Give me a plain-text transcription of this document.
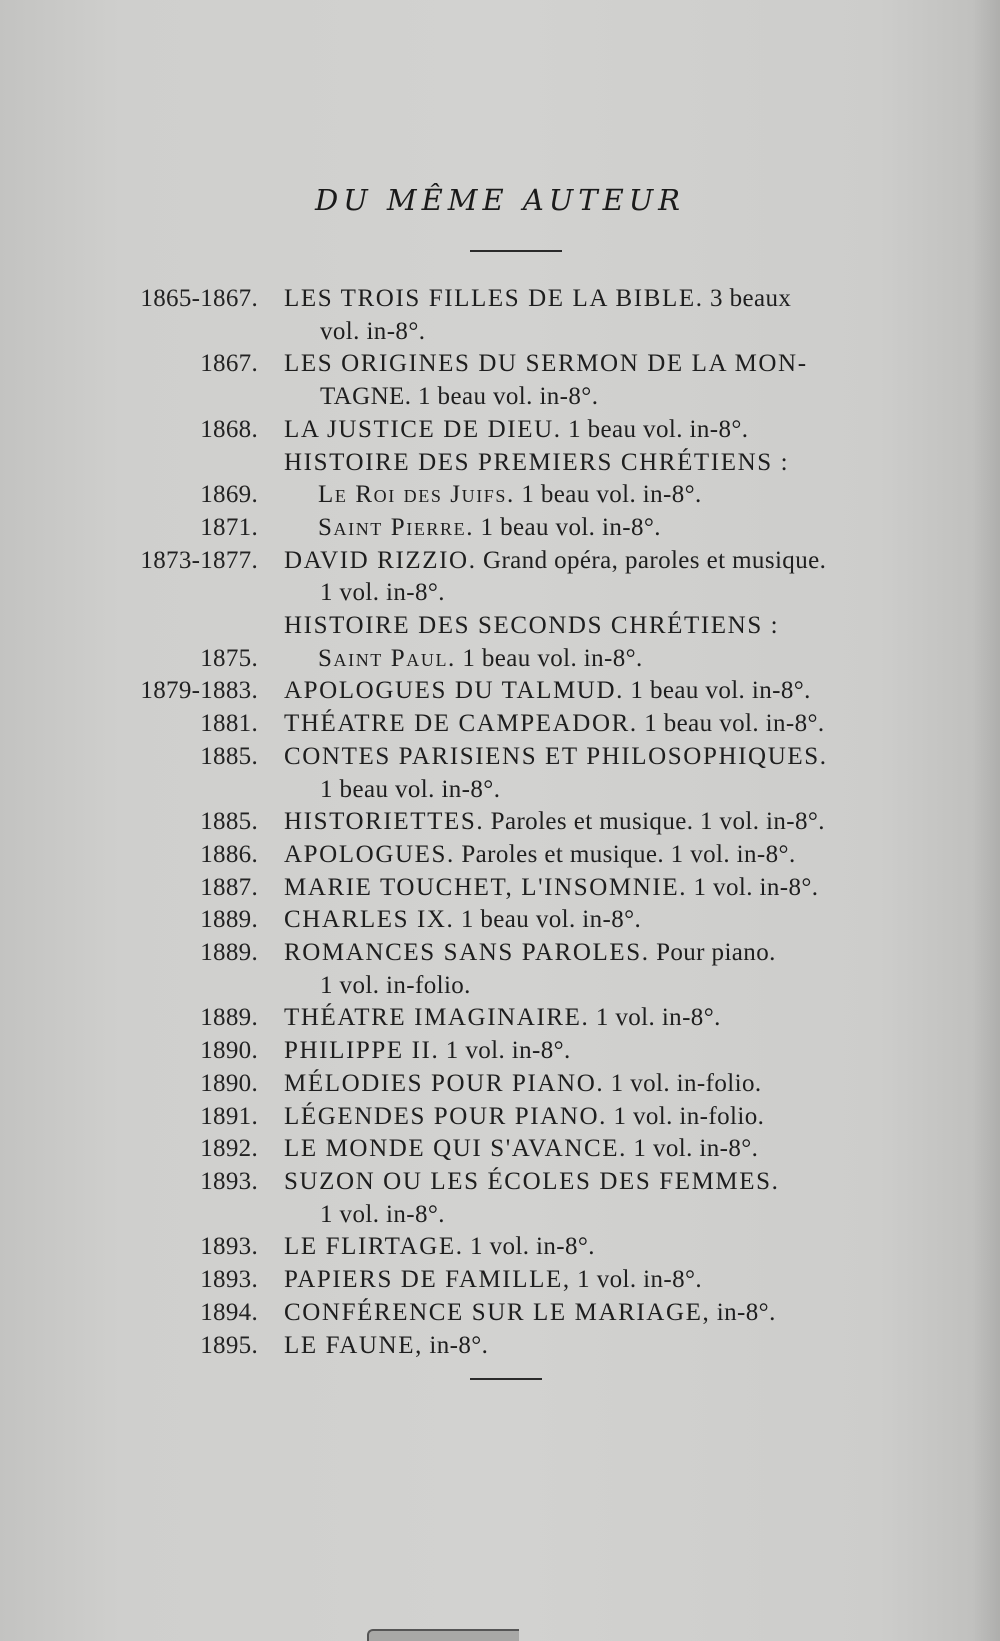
DU MÊME AUTEUR
1865-1867.	LES TROIS FILLES DE LA BIBLE. 3 beaux
vol. in-8°.
1867.	LES ORIGINES DU SERMON DE LA MON-
TAGNE. 1 beau vol. in-8°.
1868.	LA JUSTICE DE DIEU. 1 beau vol. in-8°.
HISTOIRE DES PREMIERS CHRÉTIENS :
1869.	Le Roi des Juifs. 1 beau vol. in-8°.
1871.	Saint Pierre. 1 beau vol. in-8°.
1873-1877.	DAVID RIZZIO. Grand opéra, paroles et musique.
1 vol. in-8°.
HISTOIRE DES SECONDS CHRÉTIENS :
1875.	Saint Paul. 1 beau vol. in-8°.
1879-1883.	APOLOGUES DU TALMUD. 1 beau vol. in-8°.
1881.	THÉATRE DE CAMPEADOR. 1 beau vol. in-8°.
1885.	CONTES PARISIENS ET PHILOSOPHIQUES.
1 beau vol. in-8°.
1885.	HISTORIETTES. Paroles et musique. 1 vol. in-8°.
1886.	APOLOGUES. Paroles et musique. 1 vol. in-8°.
1887.	MARIE TOUCHET, L'INSOMNIE. 1 vol. in-8°.
1889.	CHARLES IX. 1 beau vol. in-8°.
1889.	ROMANCES SANS PAROLES. Pour piano.
1 vol. in-folio.
1889.	THÉATRE IMAGINAIRE. 1 vol. in-8°.
1890.	PHILIPPE II. 1 vol. in-8°.
1890.	MÉLODIES POUR PIANO. 1 vol. in-folio.
1891.	LÉGENDES POUR PIANO. 1 vol. in-folio.
1892.	LE MONDE QUI S'AVANCE. 1 vol. in-8°.
1893.	SUZON OU LES ÉCOLES DES FEMMES.
1 vol. in-8°.
1893.	LE FLIRTAGE. 1 vol. in-8°.
1893.	PAPIERS DE FAMILLE, 1 vol. in-8°.
1894.	CONFÉRENCE SUR LE MARIAGE, in-8°.
1895.	LE FAUNE, in-8°.
